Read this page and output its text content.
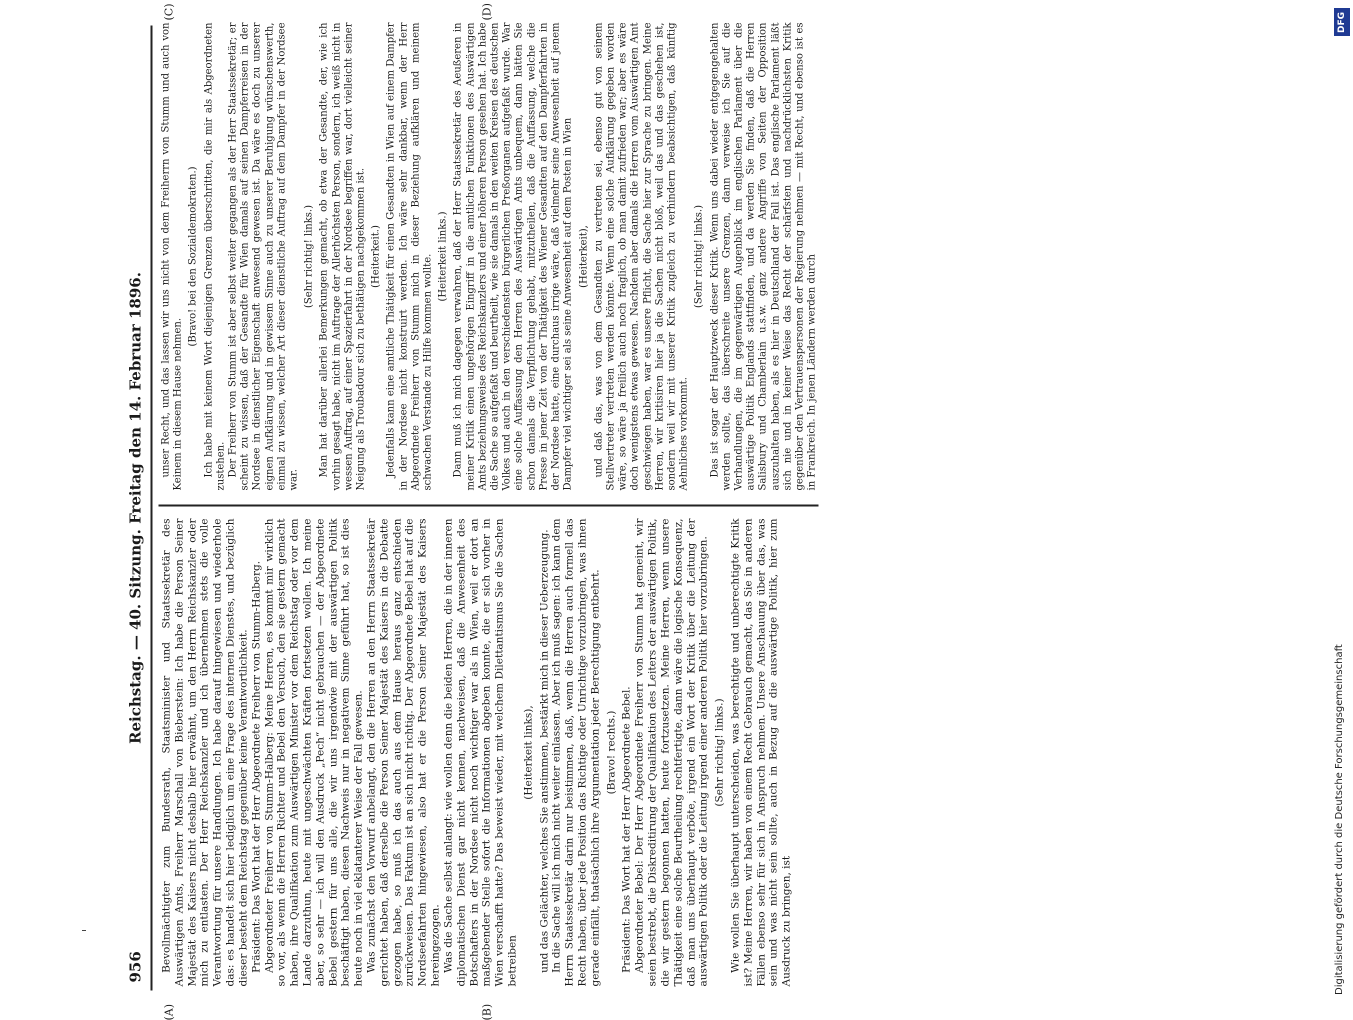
956
Reichstag. — 40. Sitzung. Freitag den 14. Februar 1896.
(A)	(B)
(C)	(D)

Bevollmächtigter zum Bundesrath, Staatsminister und Staatssekretär des Auswärtigen Amts, Freiherr Marschall von Bieberstein: Ich habe die Person Seiner Majestät des Kaisers nicht deshalb hier erwähnt, um den Herrn Reichskanzler oder mich zu entlasten. Der Herr Reichskanzler und ich übernehmen stets die volle Verantwortung für unsere Handlungen. Ich habe darauf hingewiesen und wiederhole das: es handelt sich hier lediglich um eine Frage des internen Dienstes, und bezüglich dieser besteht dem Reichstag gegenüber keine Verantwortlichkeit. Präsident: Das Wort hat der Herr Abgeordnete Freiherr von Stumm-Halberg. Abgeordneter Freiherr von Stumm-Halberg: Meine Herren, es kommt mir wirklich so vor, als wenn die Herren Richter und Bebel den Versuch, den sie gestern gemacht haben, ihre Qualifikation zum Auswärtigen Minister vor dem Reichstag oder vor dem Lande darzuthun, heute mit ungeschwächten Kräften fortsetzen wollen. Ich meine aber, so sehr — ich will den Ausdruck „Pech“ nicht gebrauchen — der Abgeordnete Bebel gestern für uns alle, die wir uns irgendwie mit der auswärtigen Politik beschäftigt haben, diesen Nachweis nur in negativem Sinne geführt hat, so ist dies heute noch in viel eklatanterer Weise der Fall gewesen. Was zunächst den Vorwurf anbelangt, den die Herren an den Herrn Staatssekretär gerichtet haben, daß derselbe die Person Seiner Majestät des Kaisers in die Debatte gezogen habe, so muß ich das auch aus dem Hause heraus ganz entschieden zurückweisen. Das Faktum ist an sich nicht richtig. Der Abgeordnete Bebel hat auf die Nordseefahrten hingewiesen, also hat er die Person Seiner Majestät des Kaisers hereingezogen. Was die Sache selbst anlangt: wie wollen denn die beiden Herren, die in der inneren diplomatischen Dienst gar nicht kennen, nachweisen, daß die Anwesenheit des Botschafters in der Nordsee nicht noch wichtiger war als in Wien, weil er dort an maßgebender Stelle sofort die Informationen abgeben konnte, die er sich vorher in Wien verschafft hatte? Das beweist wieder, mit welchem Dilettantismus Sie die Sachen betreiben

(Heiterkeit links), und das Gelächter, welches Sie anstimmen, bestärkt mich in dieser Ueberzeugung. In die Sache will ich mich nicht weiter einlassen. Aber ich muß sagen: ich kann dem Herrn Staatssekretär darin nur beistimmen, daß, wenn die Herren auch formell das Recht haben, über jede Position das Richtige oder Unrichtige vorzubringen, was ihnen gerade einfällt, thatsächlich ihre Argumentation jeder Berechtigung entbehrt. (Bravo! rechts.) Präsident: Das Wort hat der Herr Abgeordnete Bebel. Abgeordneter Bebel: Der Herr Abgeordnete Freiherr von Stumm hat gemeint, wir seien bestrebt, die Diskreditirung der Qualifikation des Leiters der auswärtigen Politik, die wir gestern begonnen hatten, heute fortzusetzen. Meine Herren, wenn unsere Thätigkeit eine solche Beurtheilung rechtfertigte, dann wäre die logische Konsequenz, daß man uns überhaupt verböte, irgend ein Wort der Kritik über die Leitung der auswärtigen Politik oder die Leitung irgend einer anderen Politik hier vorzubringen. (Sehr richtig! links.) Wie wollen Sie überhaupt unterscheiden, was berechtigte und unberechtigte Kritik ist? Meine Herren, wir haben von einem Recht Gebrauch gemacht, das Sie in anderen Fällen ebenso sehr für sich in Anspruch nehmen. Unsere Anschauung über das, was sein und was nicht sein sollte, auch in Bezug auf die auswärtige Politik, hier zum Ausdruck zu bringen, ist

unser Recht, und das lassen wir uns nicht von dem Freiherrn von Stumm und auch von Keinem in diesem Hause nehmen.

(Bravo! bei den Sozialdemokraten.) Ich habe mit keinem Wort diejenigen Grenzen überschritten, die mir als Abgeordneten zustehen. Der Freiherr von Stumm ist aber selbst weiter gegangen als der Herr Staatssekretär; er scheint zu wissen, daß der Gesandte für Wien damals auf seinen Dampferreisen in der Nordsee in dienstlicher Eigenschaft anwesend gewesen ist. Da wäre es doch zu unserer eignen Aufklärung und in gewissem Sinne auch zu unserer Beruhigung wünschenswerth, einmal zu wissen, welcher Art dieser dienstliche Auftrag auf dem Dampfer in der Nordsee war.

(Sehr richtig! links.) Man hat darüber allerlei Bemerkungen gemacht, ob etwa der Gesandte, der, wie ich vorhin gesagt habe, nicht im Auftrage der Allerhöchsten Person, sondern, ich weiß nicht in wessen Auftrag, auf einer Spazierfahrt in der Nordsee begriffen war, dort vielleicht seiner Neigung als Troubadour sich zu bethätigen nachgekommen ist. (Heiterkeit.) Jedenfalls kann eine amtliche Thätigkeit für einen Gesandten in Wien auf einem Dampfer in der Nordsee nicht konstruirt werden. Ich wäre sehr dankbar, wenn der Herr Abgeordnete Freiherr von Stumm mich in dieser Beziehung aufklären und meinem schwachen Verstande zu Hilfe kommen wollte. (Heiterkeit links.) Dann muß ich mich dagegen verwahren, daß der Herr Staatssekretär des Aeußeren in meiner Kritik einen ungehörigen Eingriff in die amtlichen Funktionen des Auswärtigen Amts beziehungsweise des Reichskanzlers und einer höheren Person gesehen hat. Ich habe die Sache so aufgefaßt und beurtheilt, wie sie damals in den weiten Kreisen des deutschen Volkes und auch in den verschiedensten bürgerlichen Preßorganen aufgefaßt wurde. War eine solche Auffassung den Herren des Auswärtigen Amts unbequem, dann hätten Sie schon damals die Verpflichtung gehabt, mitzutheilen, daß die Auffassung, welche die Presse in jener Zeit von der Thätigkeit des Wiener Gesandten auf den Dampferfahrten in der Nordsee hatte, eine durchaus irrige wäre, daß vielmehr seine Anwesenheit auf jenem Dampfer viel wichtiger sei als seine Anwesenheit auf dem Posten in Wien (Heiterkeit), und daß das, was von dem Gesandten zu vertreten sei, ebenso gut von seinem Stellvertreter vertreten werden könnte. Wenn eine solche Aufklärung gegeben worden wäre, so wäre ja freilich auch noch fraglich, ob man damit zufrieden war; aber es wäre doch wenigstens etwas gewesen. Nachdem aber damals die Herren vom Auswärtigen Amt geschwiegen haben, war es unsere Pflicht, die Sache hier zur Sprache zu bringen. Meine Herren, wir kritisiren hier ja die Sachen nicht bloß, weil das und das geschehen ist, sondern weil wir mit unserer Kritik zugleich zu verhindern beabsichtigen, daß künftig Aehnliches vorkommt.

(Sehr richtig! links.) Das ist sogar der Hauptzweck dieser Kritik. Wenn uns dabei wieder entgegengehalten werden sollte, das überschreite unsere Grenzen, dann verweise ich Sie auf die Verhandlungen, die im gegenwärtigen Augenblick im englischen Parlament über die auswärtige Politik Englands stattfinden, und da werden Sie finden, daß die Herren Salisbury und Chamberlain u.s.w. ganz andere Angriffe von Seiten der Opposition auszuhalten haben, als es hier in Deutschland der Fall ist. Das englische Parlament läßt sich nie und in keiner Weise das Recht der schärfsten und nachdrücklichsten Kritik gegenüber den Vertrauenspersonen der Regierung nehmen — mit Recht, und ebenso ist es in Frankreich. In jenen Ländern werden durch

DFG
Digitalisierung gefördert durch die Deutsche Forschungsgemeinschaft
